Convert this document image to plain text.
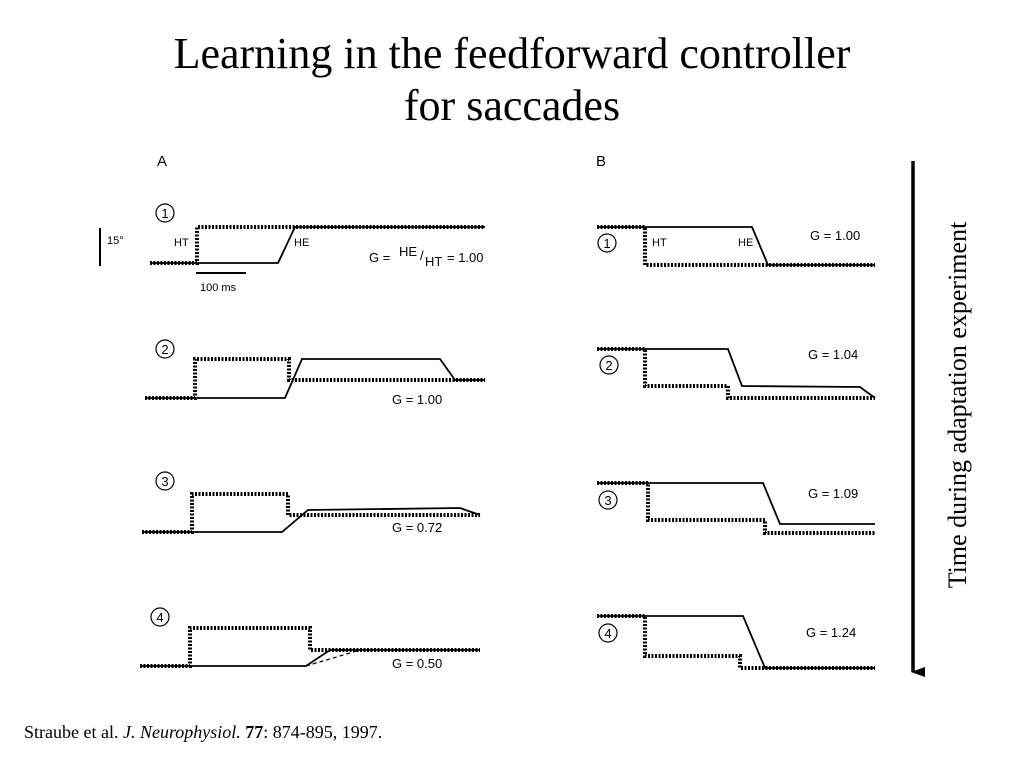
Learning in the feedforward controller
for saccades
A
15°
100 ms
1
HT	HE
G = HE / HT = 1.00
2
G = 1.00
3
G = 0.72
4
G = 0.50
B
1	HT	HE	G = 1.00
2
G = 1.04
3	G = 1.09
4	G = 1.24
Time during adaptation experiment
Straube et al. J. Neurophysiol. 77: 874-895, 1997.
